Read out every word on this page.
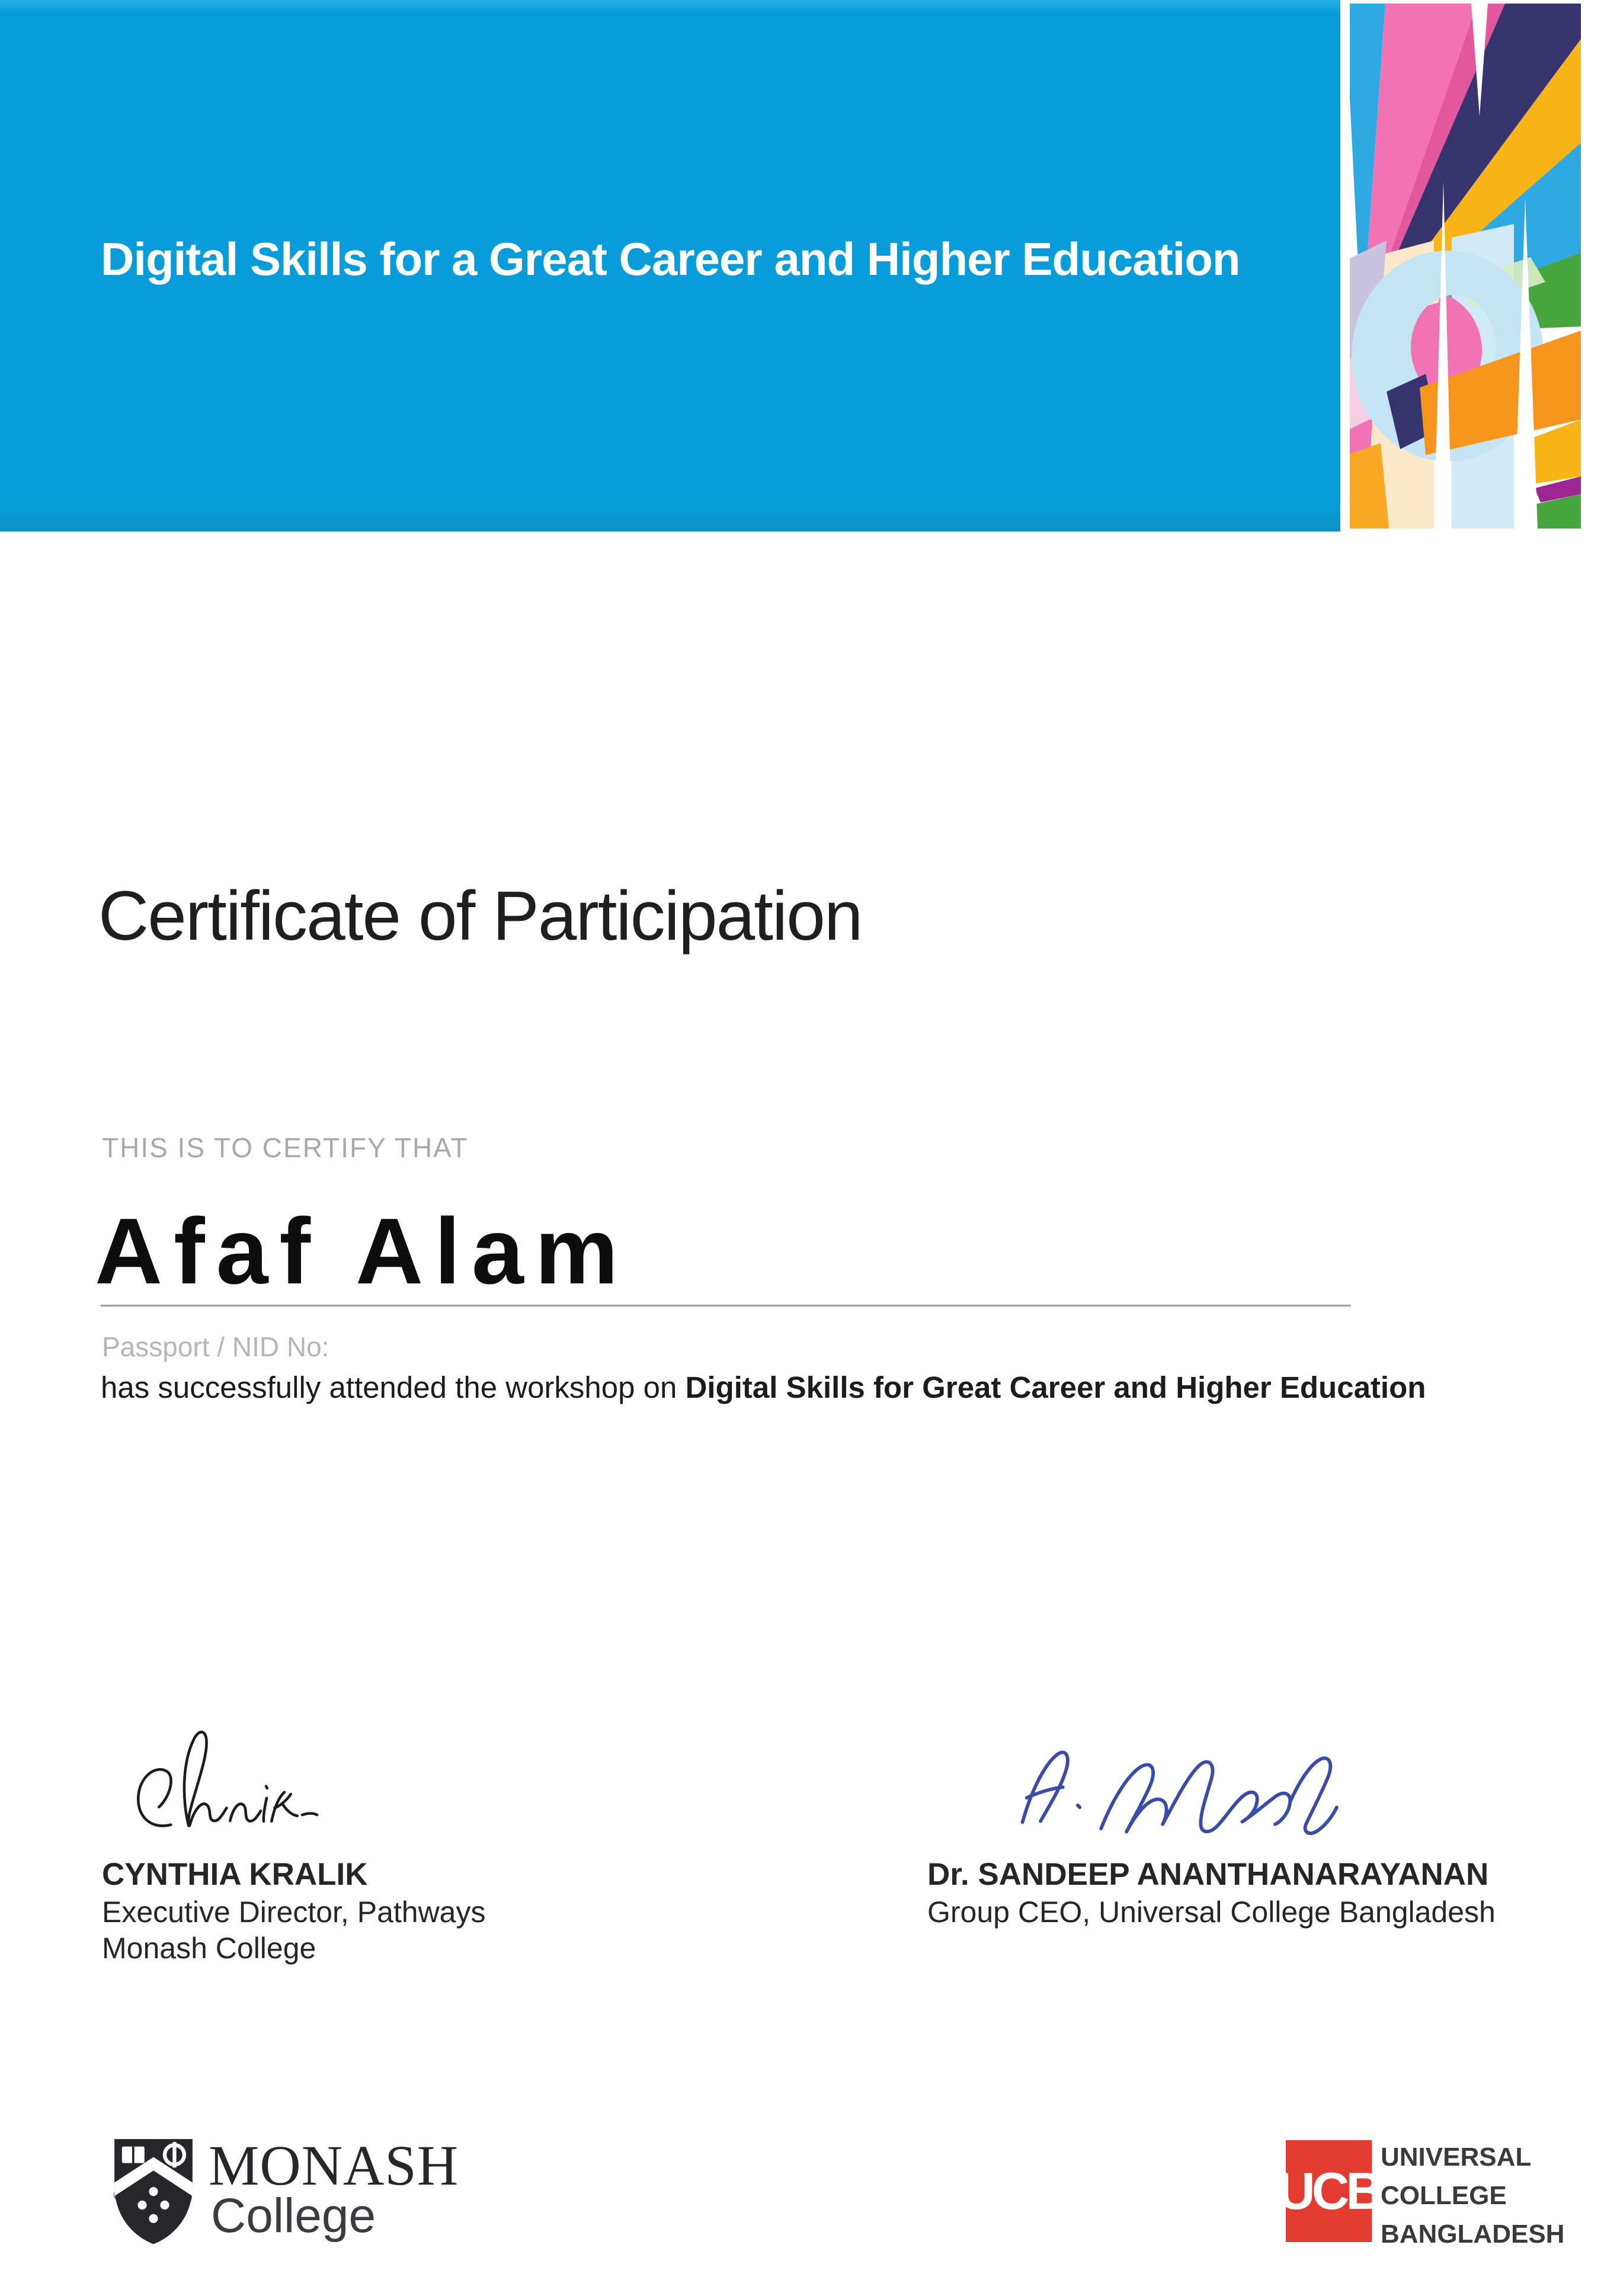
Digital Skills for a Great Career and Higher Education
Certificate of Participation
THIS IS TO CERTIFY THAT
Afaf Alam
Passport / NID No:
has successfully attended the workshop on Digital Skills for Great Career and Higher Education
CYNTHIA KRALIK
Executive Director, Pathways
Monash College
Dr. SANDEEP ANANTHANARAYANAN
Group CEO, Universal College Bangladesh
MONASH
College	UCB
UNIVERSAL
COLLEGE
BANGLADESH
